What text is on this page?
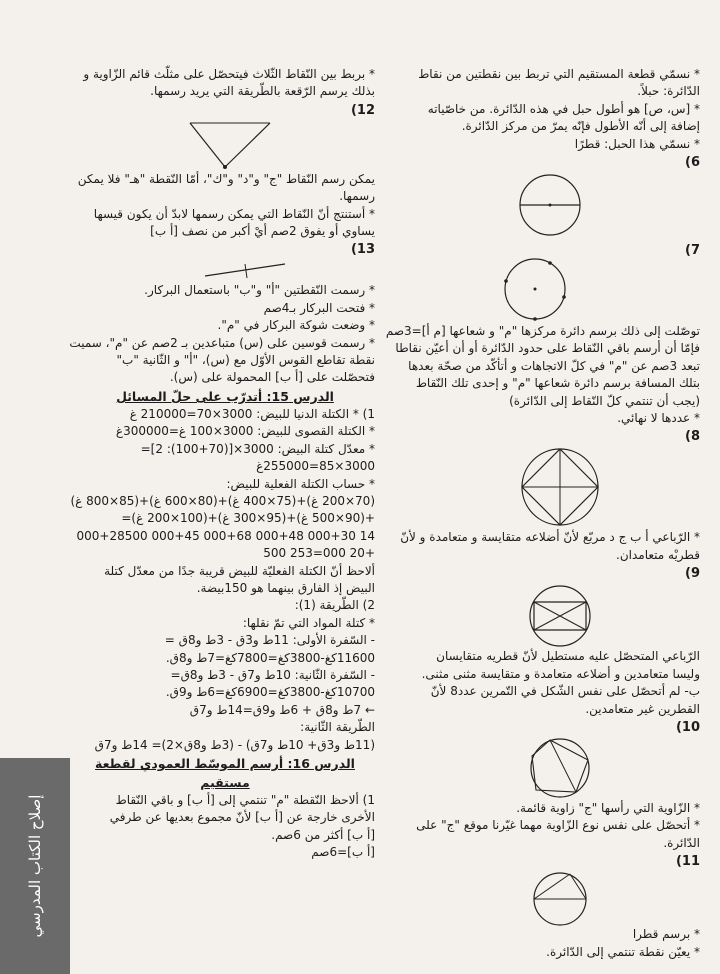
إصلاح الكتاب المدرسي
* نسمّي قطعة المستقيم التي تربط بين نقطتين من نقاط
الدّائرة: حبلاً.
* [س، ص] هو أطول حبل في هذه الدّائرة. من خاصّياته
إضافة إلى أنّه الأطول فإنّه يمرّ من مركز الدّائرة.
* نسمّي هذا الحبل: قطرًا
6)
7)
توصّلت إلى ذلك برسم دائرة مركزها "م" و شعاعها [م أ]=3صم
فإمّا أن أرسم باقي النّقاط على حدود الدّائرة أو أن أعيّن نقاطا
تبعد 3صم عن "م" في كلّ الاتجاهات و أتأكّد من صحّة بعدها
بتلك المسافة برسم دائرة شعاعها "م" و إحدى تلك النّقاط
(يجب أن تنتمي كلّ النّقاط إلى الدّائرة)
* عددها لا نهائي.
8)
* الرّباعي أ ب ج د مربّع لأنّ أضلاعه متقايسة و متعامدة و لأنّ
قطريْه متعامدان.
9)
الرّباعي المتحصّل عليه مستطيل لأنّ قطريه متقايسان
وليسا متعامدين و أضلاعه متعامدة و متقايسة مثنى مثنى.
ب- لم أتحصّل على نفس الشّكل في التّمرين عدد8 لأنّ
القطرين غير متعامدين.
10)
* الزّاوية التي رأسها "ج" زاوية قائمة.
* أتحصّل على نفس نوع الزّاوية مهما غيّرنا موقع "ج" على
الدّائرة.
11)
* برسم قطرا
* يعيّن نقطة تنتمي إلى الدّائرة.
* بربط بين النّقاط الثّلاث فيتحصّل على مثلّث قائم الزّاوية و
بذلك يرسم الرّقعة بالطّريقة التي يريد رسمها.
12)
يمكن رسم النّقاط "ج" و"د" و"ك"، أمّا النّقطة "هـ" فلا يمكن
رسمها.
* أستنتج أنّ النّقاط التي يمكن رسمها لابدّ أن يكون قيسها
يساوي أو يفوق 2صم أيْ أكبر من نصف [أ ب]
13)
* رسمت النّقطتين "أ" و"ب" باستعمال البركار.
* فتحت البركار بـ4صم
* وضعت شوكة البركار في "م".
* رسمت قوسين على (س) متباعدين بـ 2صم عن "م"، سميت
نقطة تقاطع القوس الأوّل مع (س)، "أ" و الثّانية "ب"
فتحصّلت على [أ ب] المحمولة على (س).
الدرس 15: أتدرّب على حلّ المسائل
1) * الكتلة الدنيا للبيض: 3000×70=210000 غ
* الكتلة القصوى للبيض: 3000×100 غ=300000غ
* معدّل كتلة البيض: 3000×[(70+100): 2]=
3000×85=255000غ
* حساب الكتلة الفعلية للبيض:
(70×200 غ)+(75×400 غ)+(80×600 غ)+(85×800 غ)
+(90×500 غ)+(95×300 غ)+(100×200 غ)=
14 000+30 000+48 000+68 000+45 000+28500
+20 000=253 500
ألاحظ أنّ الكتلة الفعليّة للبيض قريبة جدًا من معدّل كتلة
البيض إذ الفارق بينهما هو 150بيضة.
2) الطّريقة (1):
* كتلة المواد التي تمّ نقلها:
- السّفرة الأولى: 11ط و3ق - 3ط و8ق =
11600كغ-3800كغ=7800كغ=7ط و8ق.
- السّفرة الثّانية: 10ط و7ق - 3ط و8ق=
10700كغ-3800كغ=6900كغ=6ط و9ق.
← 7ط و8ق + 6ط و9ق=14ط و7ق
الطّريقة الثّانية:
(11ط و3ق+ 10ط و7ق) - (3ط و8ق×2)= 14ط و7ق
الدرس 16: أرسم الموسّط العمودي لقطعة مستقيم
1) ألاحظ النّقطة "م" تنتمي إلى [أ ب] و باقي النّقاط
الأخرى خارجة عن [أ ب] لأنّ مجموع بعديها عن طرفي
[أ ب] أكثر من 6صم.
[أ ب]=6صم
